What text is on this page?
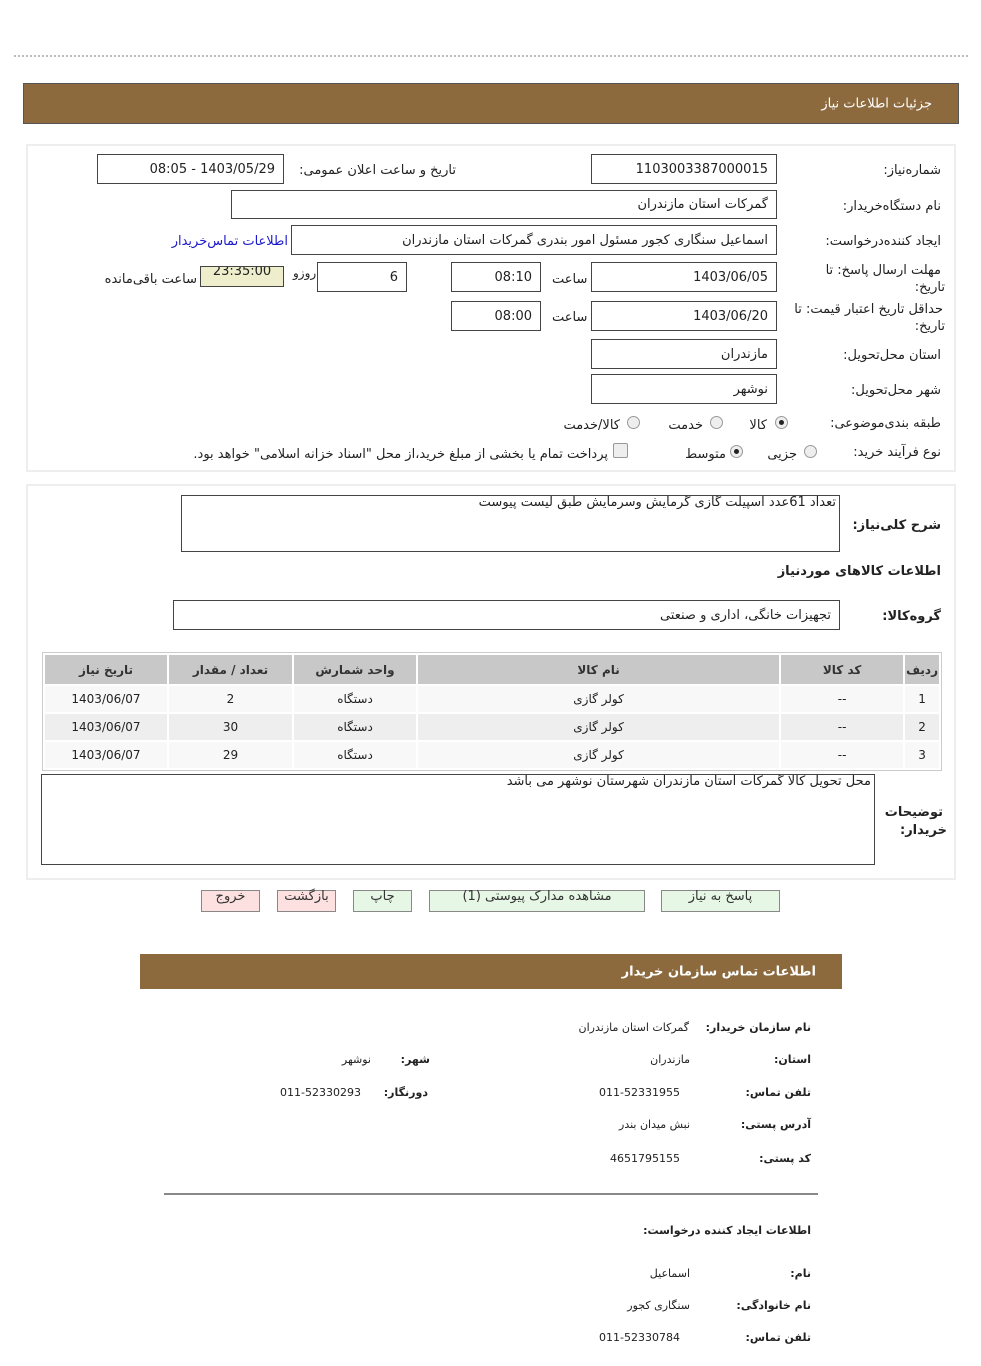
جزئیات اطلاعات نیاز
شماره‌نیاز:
1103003387000015
تاریخ و ساعت اعلان عمومی:
1403/05/29 - 08:05
نام دستگاه‌خریدار:
گمرکات استان مازندران
ایجاد کننده‌درخواست:
اسماعیل سنگاری کجور مسئول امور بندری گمرکات استان مازندران
اطلاعات تماس‌خریدار
مهلت ارسال پاسخ: تا
تاریخ:
1403/06/05
ساعت
08:10
6
روزو
23:35:00
ساعت باقی‌مانده
حداقل تاریخ اعتبار قیمت: تا
تاریخ:
1403/06/20
ساعت
08:00
استان محل‌تحویل:
مازندران
شهر محل‌تحویل:
نوشهر
طبقه بندی‌موضوعی:
کالا
خدمت
کالا/خدمت
نوع فرآیند خرید:
جزیی
متوسط
پرداخت تمام یا بخشی از مبلغ خرید،از محل "اسناد خزانه اسلامی" خواهد بود.
شرح کلی‌نیاز:
تعداد 61عدد اسپیلت گازی گرمایش وسرمایش طبق لیست پیوست
اطلاعات کالاهای مورد‌نیاز
گروه‌کالا:
تجهیزات خانگی، اداری و صنعتی
ردیف	کد کالا	نام کالا	واحد شمارش	تعداد / مقدار	تاریخ نیاز
1	--	کولر گازی	دستگاه	2	1403/06/07
2	--	کولر گازی	دستگاه	30	1403/06/07
3	--	کولر گازی	دستگاه	29	1403/06/07
توضیحات
خریدار:
محل تحویل کالا گمرکات استان مازندران شهرستان نوشهر می باشد
پاسخ به نیاز
مشاهده مدارک پیوستی (1)
چاپ
بازگشت
خروج
اطلاعات تماس سازمان خریدار
نام سازمان خریدار:
گمرکات استان مازندران
استان:
مازندران
شهر:
نوشهر
تلفن تماس:
011-52331955
دورنگار:
011-52330293
آدرس پستی:
نبش میدان بندر
کد پستی:
4651795155
اطلاعات ایجاد کننده درخواست:
نام:
اسماعیل
نام خانوادگی:
سنگاری کجور
تلفن تماس:
011-52330784
